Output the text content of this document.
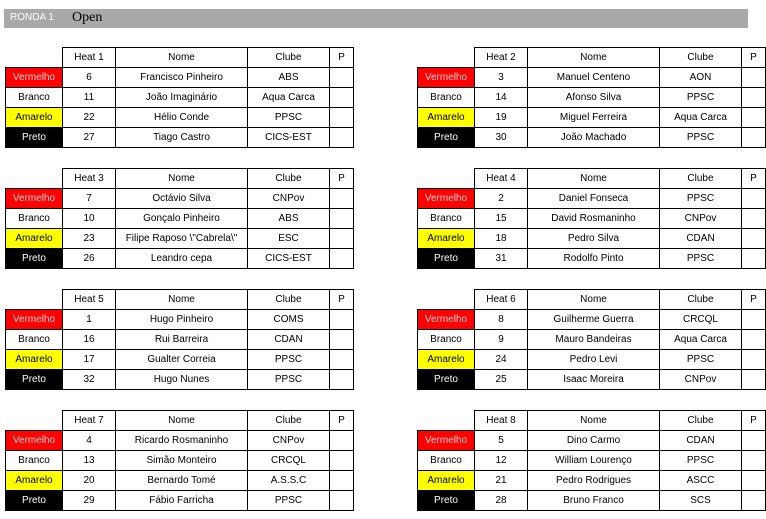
RONDA 1 Open
	Heat 1	Nome	Clube	P
Vermelho	6	Francisco Pinheiro	ABS	
Branco	11	João Imaginário	Aqua Carca	
Amarelo	22	Hélio Conde	PPSC	
Preto	27	Tiago Castro	CICS-EST	
	Heat 2	Nome	Clube	P
Vermelho	3	Manuel Centeno	AON	
Branco	14	Afonso Silva	PPSC	
Amarelo	19	Miguel Ferreira	Aqua Carca	
Preto	30	João Machado	PPSC	
	Heat 3	Nome	Clube	P
Vermelho	7	Octávio Silva	CNPov	
Branco	10	Gonçalo Pinheiro	ABS	
Amarelo	23	Filipe Raposo \"Cabrela\"	ESC	
Preto	26	Leandro cepa	CICS-EST	
	Heat 4	Nome	Clube	P
Vermelho	2	Daniel Fonseca	PPSC	
Branco	15	David Rosmaninho	CNPov	
Amarelo	18	Pedro Silva	CDAN	
Preto	31	Rodolfo Pinto	PPSC	
	Heat 5	Nome	Clube	P
Vermelho	1	Hugo Pinheiro	COMS	
Branco	16	Rui Barreira	CDAN	
Amarelo	17	Gualter Correia	PPSC	
Preto	32	Hugo Nunes	PPSC	
	Heat 6	Nome	Clube	P
Vermelho	8	Guilherme Guerra	CRCQL	
Branco	9	Mauro Bandeiras	Aqua Carca	
Amarelo	24	Pedro Levi	PPSC	
Preto	25	Isaac Moreira	CNPov	
	Heat 7	Nome	Clube	P
Vermelho	4	Ricardo Rosmaninho	CNPov	
Branco	13	Simão Monteiro	CRCQL	
Amarelo	20	Bernardo Tomé	A.S.S.C	
Preto	29	Fábio Farricha	PPSC	
	Heat 8	Nome	Clube	P
Vermelho	5	Dino Carmo	CDAN	
Branco	12	William Lourenço	PPSC	
Amarelo	21	Pedro Rodrigues	ASCC	
Preto	28	Bruno Franco	SCS	
